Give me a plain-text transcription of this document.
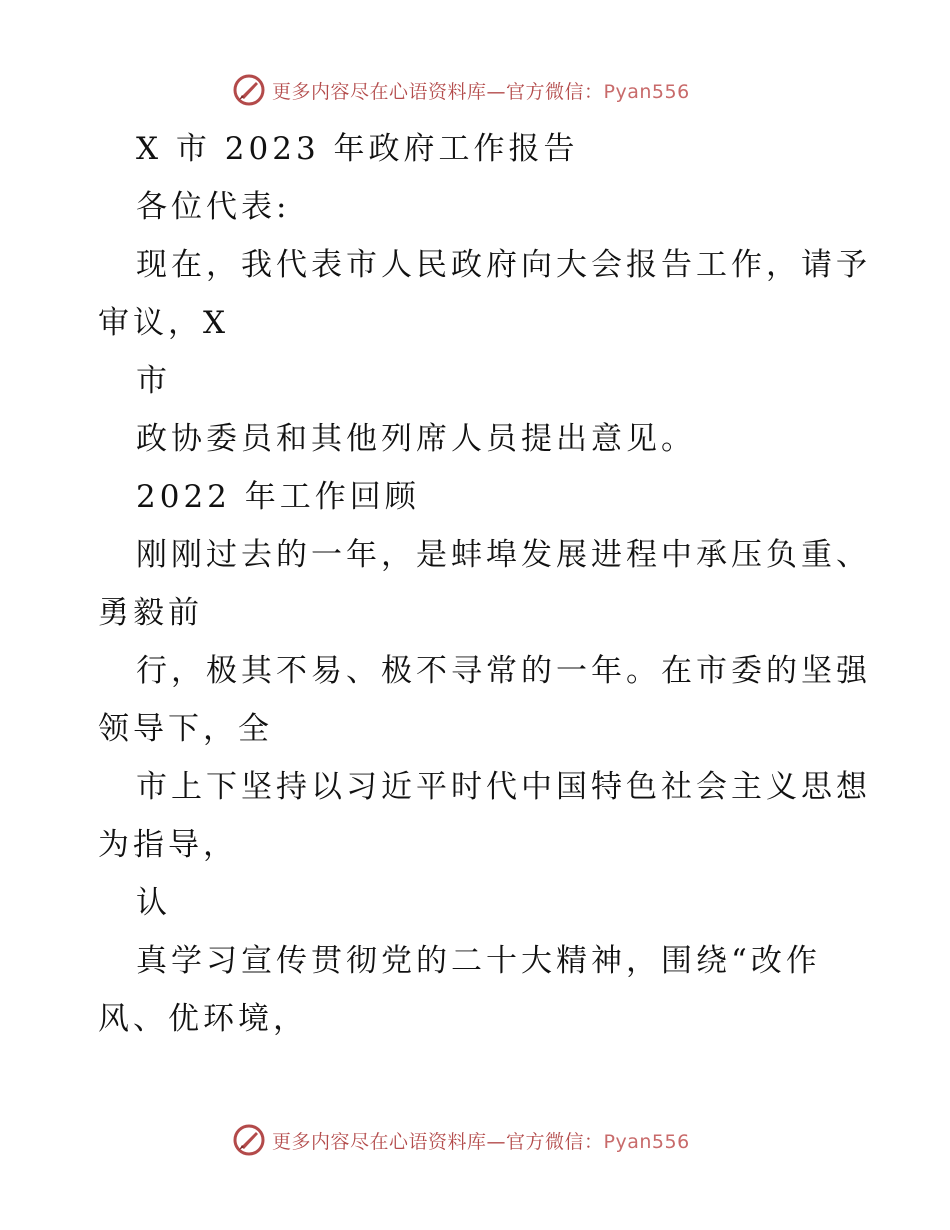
更多内容尽在心语资料库—官方微信：Pyan556
X 市 2023 年政府工作报告
各位代表:
现在，我代表市人民政府向大会报告工作，请予
审议，X
市
政协委员和其他列席人员提出意见。
2022 年工作回顾
刚刚过去的一年，是蚌埠发展进程中承压负重、
勇毅前
行，极其不易、极不寻常的一年。在市委的坚强
领导下，全
市上下坚持以习近平时代中国特色社会主义思想
为指导，
认
真学习宣传贯彻党的二十大精神，围绕“改作
风、优环境，
更多内容尽在心语资料库—官方微信：Pyan556
